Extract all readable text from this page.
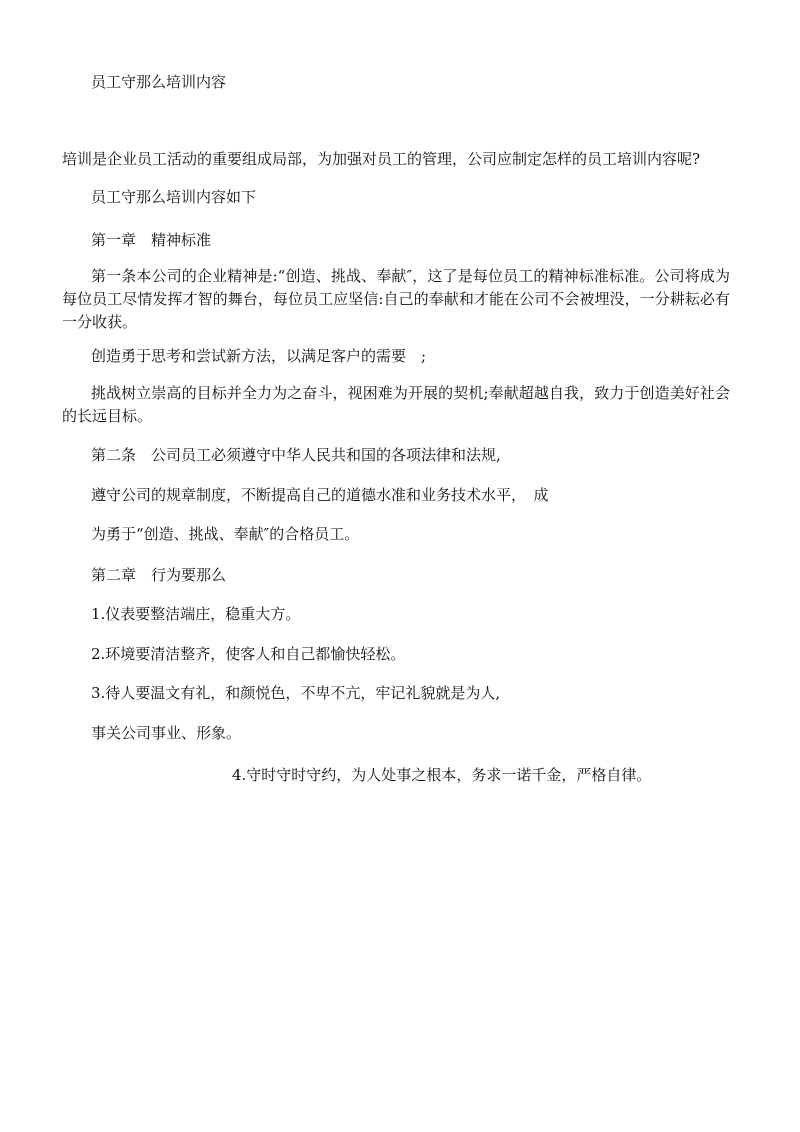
员工守那么培训内容
培训是企业员工活动的重要组成局部，为加强对员工的管理，公司应制定怎样的员工培训内容呢?
员工守那么培训内容如下
第一章　精神标准
第一条本公司的企业精神是:“创造、挑战、奉献″，这了是每位员工的精神标准标准。公司将成为每位员工尽情发挥才智的舞台，每位员工应坚信:自己的奉献和才能在公司不会被埋没，一分耕耘必有一分收获。
创造勇于思考和尝试新方法，以满足客户的需要　;
挑战树立崇高的目标并全力为之奋斗，视困难为开展的契机;奉献超越自我，致力于创造美好社会的长远目标。
第二条　公司员工必须遵守中华人民共和国的各项法律和法规,
遵守公司的规章制度，不断提高自己的道德水准和业务技术水平，　成
为勇于“创造、挑战、奉献″的合格员工。
第二章　行为要那么
1.仪表要整洁端庄，稳重大方。
2.环境要清洁整齐，使客人和自己都愉快轻松。
3.待人要温文有礼，和颜悦色，不卑不亢，牢记礼貌就是为人,
事关公司事业、形象。
4.守时守时守约，为人处事之根本，务求一诺千金，严格自律。
